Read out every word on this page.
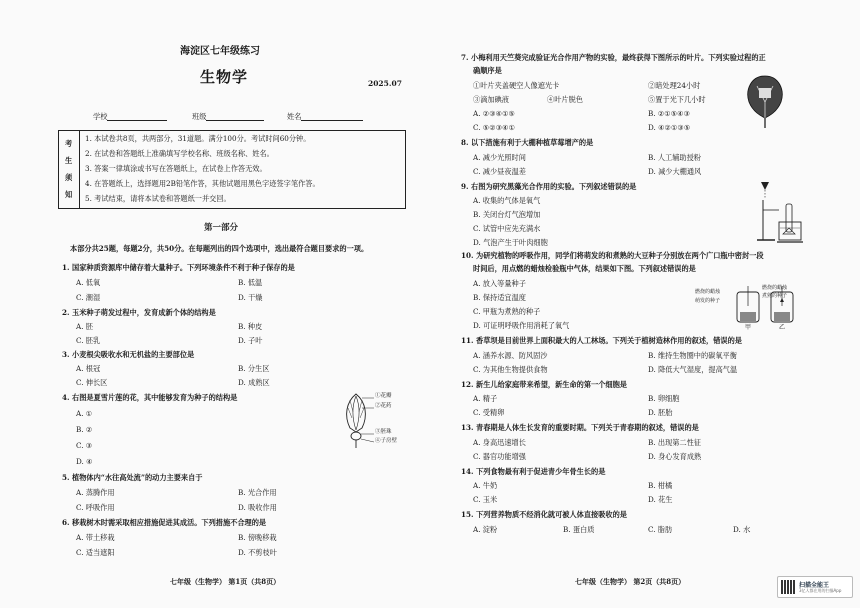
海淀区七年级练习
生物学	2025.07
学校	班级	姓名
考
生
须
知
1. 本试卷共8页，共两部分，31道题。满分100分。考试时间60分钟。
2. 在试卷和答题纸上准确填写学校名称、班级名称、姓名。
3. 答案一律填涂或书写在答题纸上，在试卷上作答无效。
4. 在答题纸上，选择题用2B铅笔作答，其他试题用黑色字迹签字笔作答。
5. 考试结束，请将本试卷和答题纸一并交回。
第一部分
本部分共25题，每题2分，共50分。在每题列出的四个选项中，选出最符合题目要求的一项。
1. 国家种质资源库中储存着大量种子。下列环境条件不利于种子保存的是
A. 低氧	B. 低温
C. 潮湿	D. 干燥
2. 玉米种子萌发过程中，发育成新个体的结构是
A. 胚	B. 种皮
C. 胚乳	D. 子叶
3. 小麦根尖吸收水和无机盐的主要部位是
A. 根冠	B. 分生区
C. 伸长区	D. 成熟区
4. 右图是夏雪片莲的花，其中能够发育为种子的结构是
A. ①
B. ②
C. ③
D. ④
①花瓣
②花药
③胚珠
④子房壁
5. 植物体内“水往高处流”的动力主要来自于
A. 蒸腾作用	B. 光合作用
C. 呼吸作用	D. 吸收作用
6. 移栽树木时需采取相应措施促进其成活。下列措施不合理的是
A. 带土移栽	B. 傍晚移栽
C. 适当遮阳	D. 不剪枝叶
七年级（生物学） 第1页（共8页）
7. 小梅利用天竺葵完成验证光合作用产物的实验，最终获得下图所示的叶片。下列实验过程的正
确顺序是
①叶片夹盖硬空人像遮光卡	②暗处理24小时
③滴加碘液	④叶片脱色	⑤置于光下几小时
A. ②③④①⑤	B. ②①⑤④③
C. ⑤②③④①	D. ④②①③⑤
8. 以下措施有利于大棚种植草莓增产的是
A. 减少光照时间	B. 人工辅助授粉
C. 减少昼夜温差	D. 减少大棚通风
9. 右图为研究黑藻光合作用的实验。下列叙述错误的是
A. 收集的气体是氧气
B. 关闭台灯气泡增加
C. 试管中应先充满水
D. 气泡产生于叶肉细胞
10. 为研究植物的呼吸作用，同学们将萌发的和煮熟的大豆种子分别放在两个广口瓶中密封一段
时间后，用点燃的蜡烛检验瓶中气体，结果如下图。下列叙述错误的是
A. 放入等量种子
B. 保持适宜温度
C. 甲瓶为煮熟的种子
D. 可证明呼吸作用消耗了氧气
燃烧的蜡烛
萌发的种子
燃烧的蜡烛
煮熟的种子
甲	乙
11. 香草坝是目前世界上面积最大的人工林场。下列关于植树造林作用的叙述，错误的是
A. 涵养水源、防风固沙	B. 维持生物圈中的碳氧平衡
C. 为其他生物提供食物	D. 降低大气湿度，提高气温
12. 新生儿给家庭带来希望，新生命的第一个细胞是
A. 精子	B. 卵细胞
C. 受精卵	D. 胚胎
13. 青春期是人体生长发育的重要时期。下列关于青春期的叙述，错误的是
A. 身高迅速增长	B. 出现第二性征
C. 器官功能增强	D. 身心发育成熟
14. 下列食物最有利于促进青少年骨生长的是
A. 牛奶	B. 柑橘
C. 玉米	D. 花生
15. 下列营养物质不经消化就可被人体直接吸收的是
A. 淀粉	B. 蛋白质	C. 脂肪	D. 水
七年级（生物学） 第2页（共8页）	扫描全能王
3亿人都在用的扫描App
